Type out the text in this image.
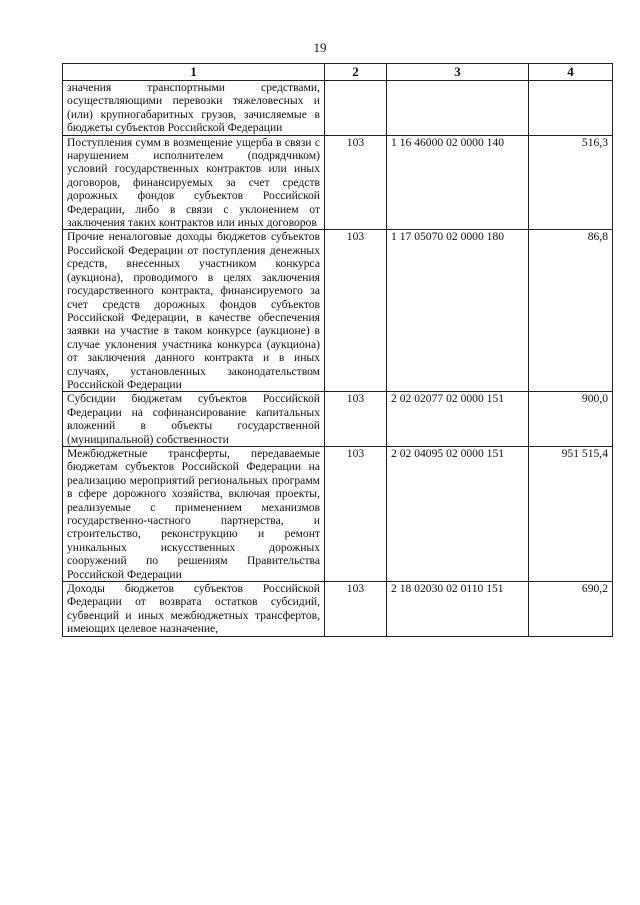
19
1	2	3	4
значения транспортными средствами, осуществляющими перевозки тяжеловесных и (или) крупногабаритных грузов, зачисляемые в бюджеты субъектов Российской Федерации			
Поступления сумм в возмещение ущерба в связи с нарушением исполнителем (подрядчиком) условий государственных контрактов или иных договоров, финансируемых за счет средств дорожных фондов субъектов Российской Федерации, либо в связи с уклонением от заключения таких контрактов или иных договоров	103	1 16 46000 02 0000 140	516,3
Прочие неналоговые доходы бюджетов субъектов Российской Федерации от поступления денежных средств, внесенных участником конкурса (аукциона), проводимого в целях заключения государственного контракта, финансируемого за счет средств дорожных фондов субъектов Российской Федерации, в качестве обеспечения заявки на участие в таком конкурсе (аукционе) в случае уклонения участника конкурса (аукциона) от заключения данного контракта и в иных случаях, установленных законодательством Российской Федерации	103	1 17 05070 02 0000 180	86,8
Субсидии бюджетам субъектов Российской Федерации на софинансирование капитальных вложений в объекты государственной (муниципальной) собственности	103	2 02 02077 02 0000 151	900,0
Межбюджетные трансферты, передаваемые бюджетам субъектов Российской Федерации на реализацию мероприятий региональных программ в сфере дорожного хозяйства, включая проекты, реализуемые с применением механизмов государственно-частного партнерства, и строительство, реконструкцию и ремонт уникальных искусственных дорожных сооружений по решениям Правительства Российской Федерации	103	2 02 04095 02 0000 151	951 515,4
Доходы бюджетов субъектов Российской Федерации от возврата остатков субсидий, субвенций и иных межбюджетных трансфертов, имеющих целевое назначение,	103	2 18 02030 02 0110 151	690,2
